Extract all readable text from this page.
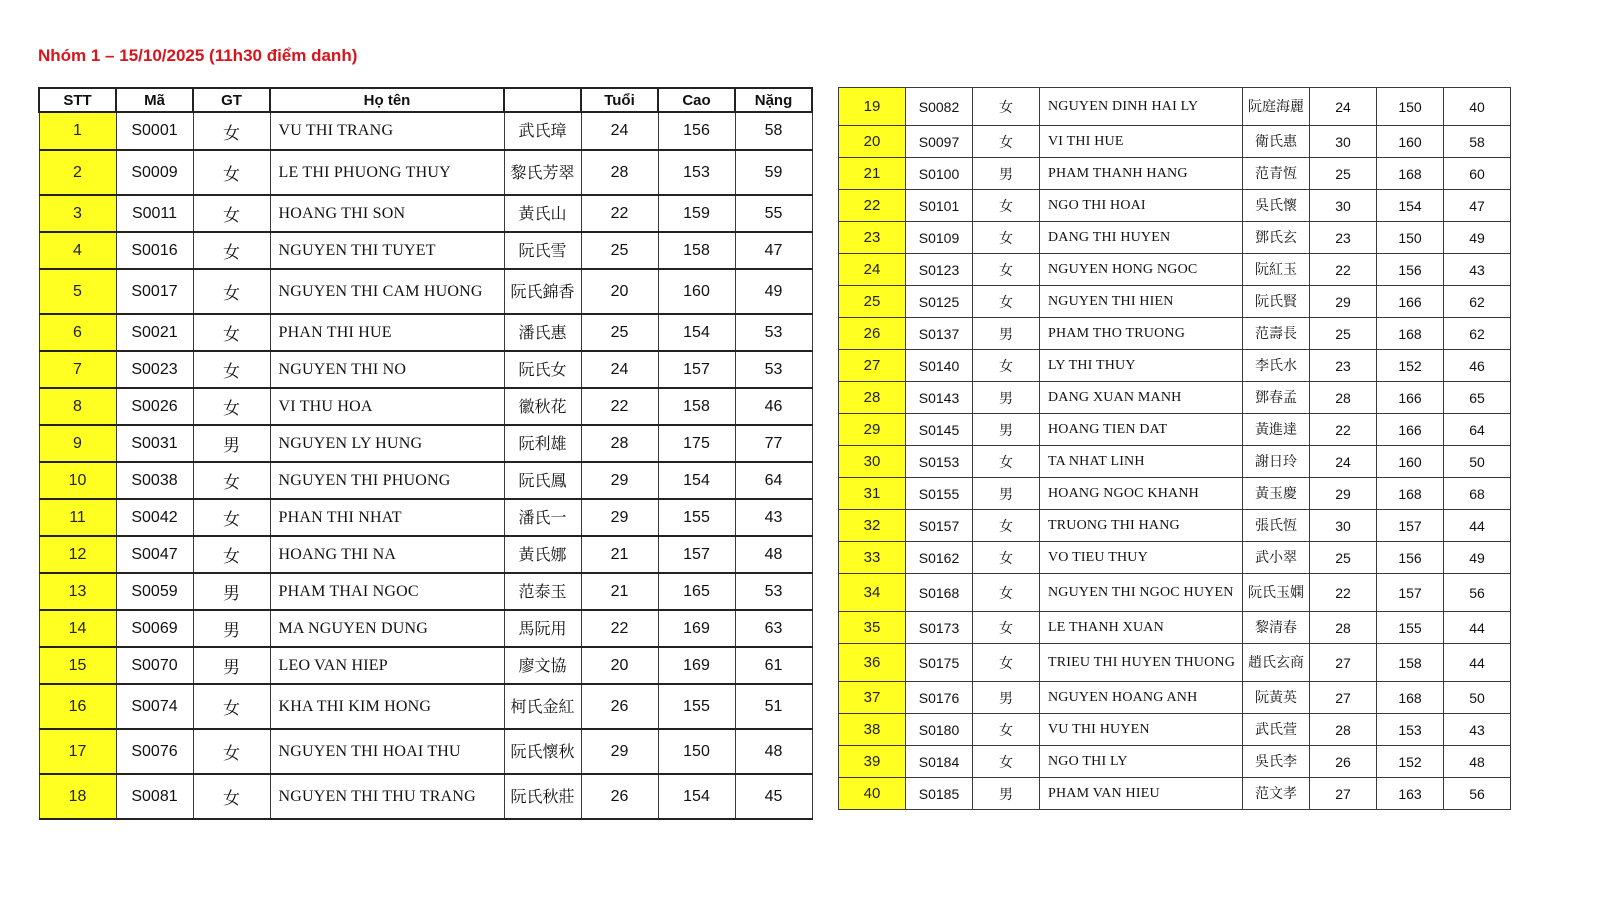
Nhóm 1 – 15/10/2025 (11h30 điểm danh)
STT	Mã	GT	Họ tên		Tuổi	Cao	Nặng
1	S0001	女	VU THI TRANG	武氏璋	24	156	58
2	S0009	女	LE THI PHUONG THUY	黎氏芳翠	28	153	59
3	S0011	女	HOANG THI SON	黃氏山	22	159	55
4	S0016	女	NGUYEN THI TUYET	阮氏雪	25	158	47
5	S0017	女	NGUYEN THI CAM HUONG	阮氏錦香	20	160	49
6	S0021	女	PHAN THI HUE	潘氏惠	25	154	53
7	S0023	女	NGUYEN THI NO	阮氏女	24	157	53
8	S0026	女	VI THU HOA	徽秋花	22	158	46
9	S0031	男	NGUYEN LY HUNG	阮利雄	28	175	77
10	S0038	女	NGUYEN THI PHUONG	阮氏鳳	29	154	64
11	S0042	女	PHAN THI NHAT	潘氏一	29	155	43
12	S0047	女	HOANG THI NA	黃氏娜	21	157	48
13	S0059	男	PHAM THAI NGOC	范泰玉	21	165	53
14	S0069	男	MA NGUYEN DUNG	馬阮用	22	169	63
15	S0070	男	LEO VAN HIEP	廖文協	20	169	61
16	S0074	女	KHA THI KIM HONG	柯氏金紅	26	155	51
17	S0076	女	NGUYEN THI HOAI THU	阮氏懷秋	29	150	48
18	S0081	女	NGUYEN THI THU TRANG	阮氏秋莊	26	154	45
19	S0082	女	NGUYEN DINH HAI LY	阮庭海麗	24	150	40
20	S0097	女	VI THI HUE	衛氏惠	30	160	58
21	S0100	男	PHAM THANH HANG	范青恆	25	168	60
22	S0101	女	NGO THI HOAI	吳氏懷	30	154	47
23	S0109	女	DANG THI HUYEN	鄧氏玄	23	150	49
24	S0123	女	NGUYEN HONG NGOC	阮紅玉	22	156	43
25	S0125	女	NGUYEN THI HIEN	阮氏賢	29	166	62
26	S0137	男	PHAM THO TRUONG	范壽長	25	168	62
27	S0140	女	LY THI THUY	李氏水	23	152	46
28	S0143	男	DANG XUAN MANH	鄧春孟	28	166	65
29	S0145	男	HOANG TIEN DAT	黃進達	22	166	64
30	S0153	女	TA NHAT LINH	謝日玲	24	160	50
31	S0155	男	HOANG NGOC KHANH	黃玉慶	29	168	68
32	S0157	女	TRUONG THI HANG	張氏恆	30	157	44
33	S0162	女	VO TIEU THUY	武小翠	25	156	49
34	S0168	女	NGUYEN THI NGOC HUYEN	阮氏玉嫻	22	157	56
35	S0173	女	LE THANH XUAN	黎清春	28	155	44
36	S0175	女	TRIEU THI HUYEN THUONG	趙氏玄商	27	158	44
37	S0176	男	NGUYEN HOANG ANH	阮黃英	27	168	50
38	S0180	女	VU THI HUYEN	武氏萱	28	153	43
39	S0184	女	NGO THI LY	吳氏李	26	152	48
40	S0185	男	PHAM VAN HIEU	范文孝	27	163	56
